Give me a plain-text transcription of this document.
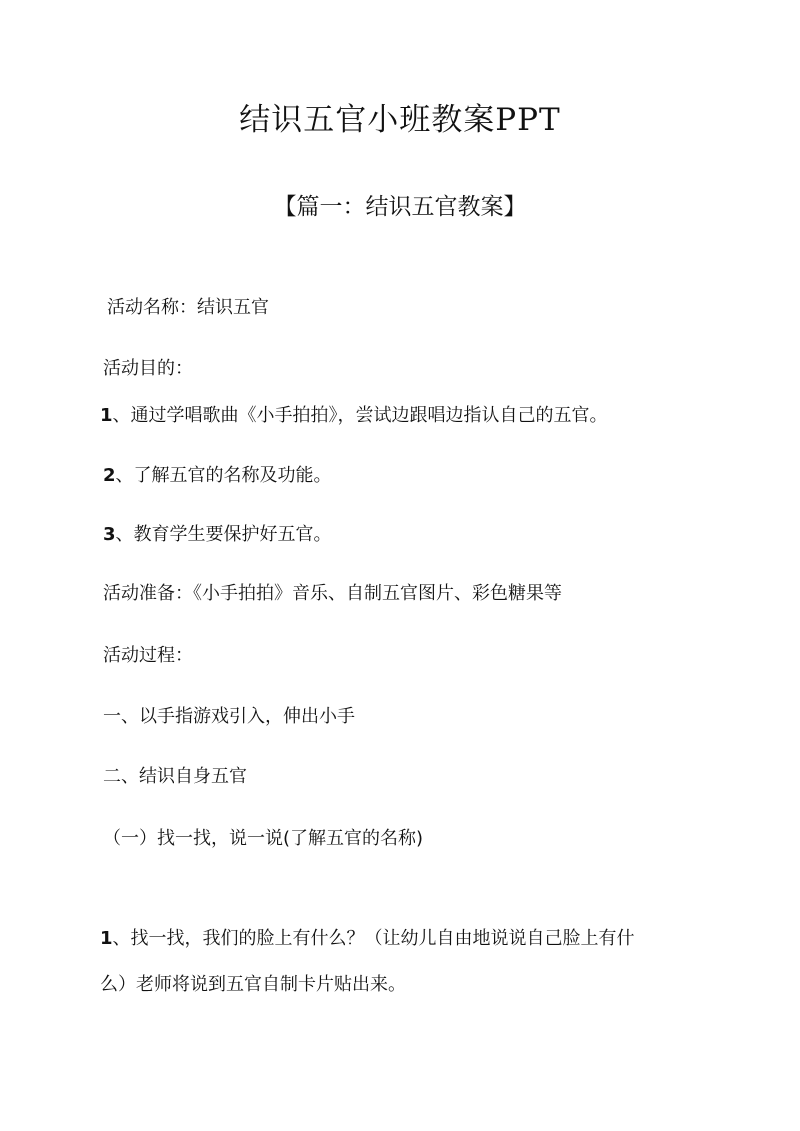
结识五官小班教案PPT
【篇一：结识五官教案】
活动名称：结识五官
活动目的：
1、通过学唱歌曲《小手拍拍》，尝试边跟唱边指认自己的五官。
2、了解五官的名称及功能。
3、教育学生要保护好五官。
活动准备：《小手拍拍》音乐、自制五官图片、彩色糖果等
活动过程：
一、以手指游戏引入，伸出小手
二、结识自身五官
（一）找一找，说一说(了解五官的名称)
1、找一找，我们的脸上有什么？（让幼儿自由地说说自己脸上有什
么）老师将说到五官自制卡片贴出来。
